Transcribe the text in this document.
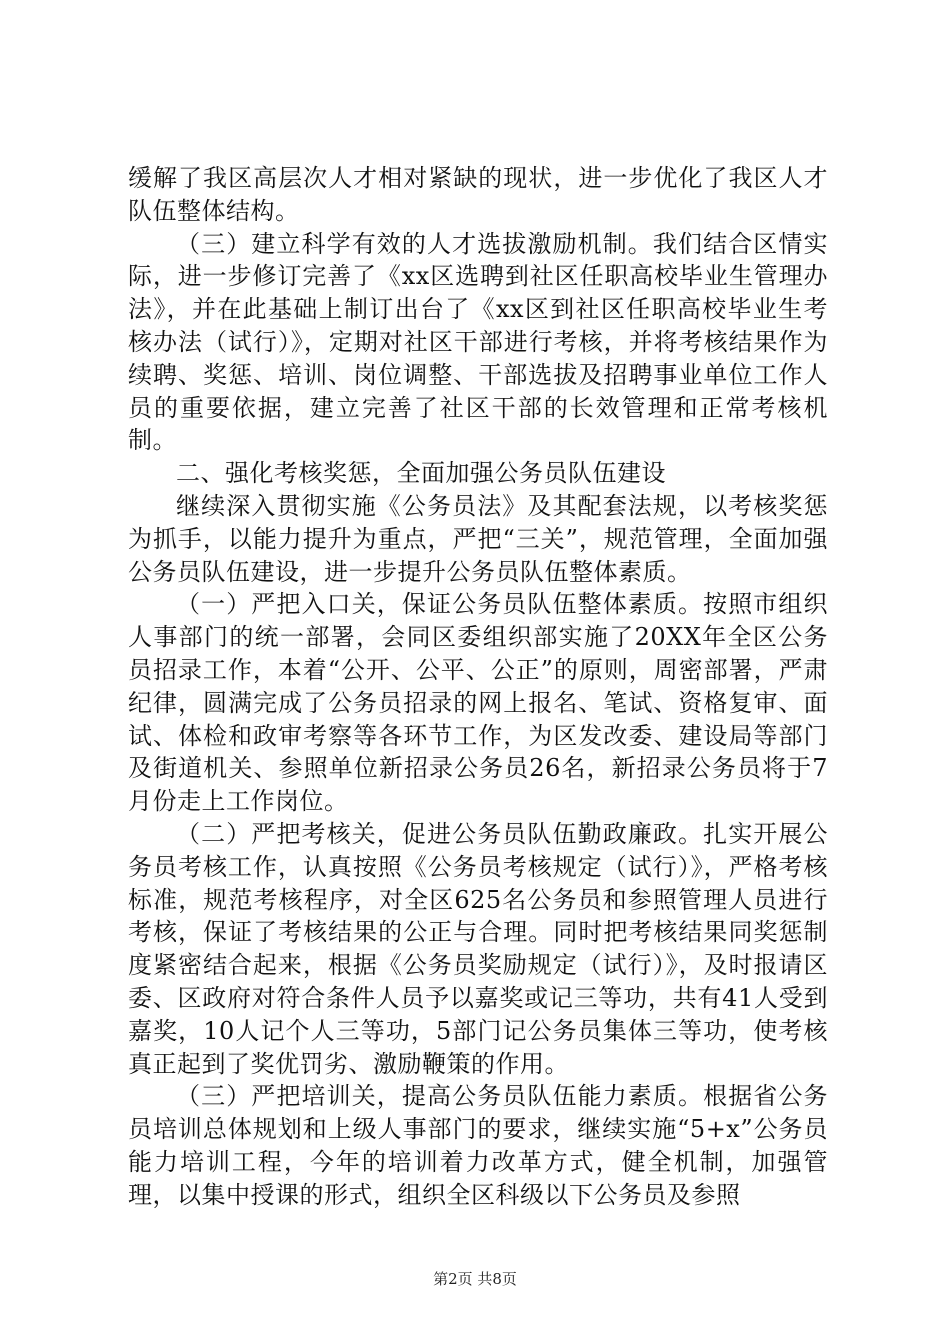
缓解了我区高层次人才相对紧缺的现状，进一步优化了我区人才队伍整体结构。

（三）建立科学有效的人才选拔激励机制。我们结合区情实际，进一步修订完善了《xx区选聘到社区任职高校毕业生管理办法》，并在此基础上制订出台了《xx区到社区任职高校毕业生考核办法（试行）》，定期对社区干部进行考核，并将考核结果作为续聘、奖惩、培训、岗位调整、干部选拔及招聘事业单位工作人员的重要依据，建立完善了社区干部的长效管理和正常考核机制。

二、强化考核奖惩，全面加强公务员队伍建设

继续深入贯彻实施《公务员法》及其配套法规，以考核奖惩为抓手，以能力提升为重点，严把“三关”，规范管理，全面加强公务员队伍建设，进一步提升公务员队伍整体素质。

（一）严把入口关，保证公务员队伍整体素质。按照市组织人事部门的统一部署，会同区委组织部实施了20XX年全区公务员招录工作，本着“公开、公平、公正”的原则，周密部署，严肃纪律，圆满完成了公务员招录的网上报名、笔试、资格复审、面试、体检和政审考察等各环节工作，为区发改委、建设局等部门及街道机关、参照单位新招录公务员26名，新招录公务员将于7月份走上工作岗位。

（二）严把考核关，促进公务员队伍勤政廉政。扎实开展公务员考核工作，认真按照《公务员考核规定（试行）》，严格考核标准，规范考核程序，对全区625名公务员和参照管理人员进行考核，保证了考核结果的公正与合理。同时把考核结果同奖惩制度紧密结合起来，根据《公务员奖励规定（试行）》，及时报请区委、区政府对符合条件人员予以嘉奖或记三等功，共有41人受到嘉奖，10人记个人三等功，5部门记公务员集体三等功，使考核真正起到了奖优罚劣、激励鞭策的作用。

（三）严把培训关，提高公务员队伍能力素质。根据省公务员培训总体规划和上级人事部门的要求，继续实施“5+x”公务员能力培训工程，今年的培训着力改革方式，健全机制，加强管理，以集中授课的形式，组织全区科级以下公务员及参照

第2页 共8页
